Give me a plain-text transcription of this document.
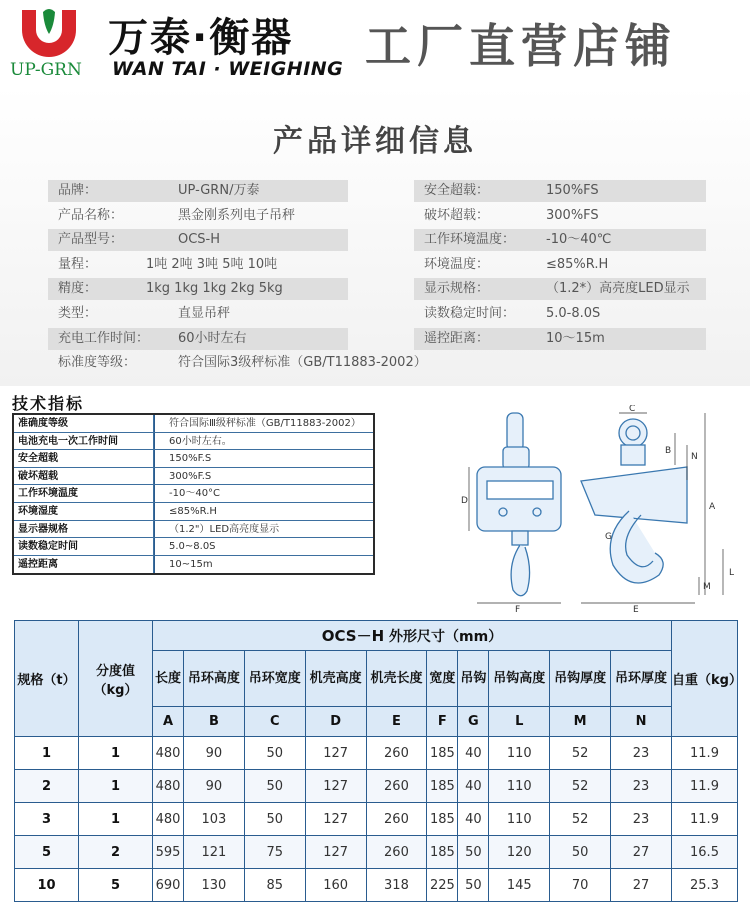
UP-GRN
万泰·衡器
WAN TAI · WEIGHING 工厂直营店铺
产品详细信息
品牌：	UP-GRN/万泰
产品名称：	黑金刚系列电子吊秤
产品型号：	OCS-H
量程：	1吨 2吨 3吨 5吨 10吨
精度：	1kg 1kg 1kg 2kg 5kg
类型：	直显吊秤
充电工作时间： 60小时左右
安全超载：	150%FS
破坏超载：	300%FS
工作环境温度： -10～40℃
环境温度：	≤85%R.H
显示规格：	（1.2*）高亮度LED显示
读数稳定时间： 5.0-8.0S
遥控距离：	10～15m
标准度等级：	符合国际3级秤标准（GB/T11883-2002）
技术指标
准确度等级	符合国际Ⅲ级秤标准（GB/T11883-2002）
电池充电一次工作时间	60小时左右。
安全超载	150%F.S
破坏超载	300%F.S
工作环境温度	-10～40°C
环境湿度	≤85%R.H
显示器规格	（1.2"）LED高亮度显示
读数稳定时间	5.0~8.0S
遥控距离	10~15m
D
F	E
A
B
C
N
G
L
M
规格（t）	分度值（kg）	OCS－H 外形尺寸（mm）										自重（kg）
		长度	吊环高度	吊环宽度	机壳高度	机壳长度	宽度	吊钩	吊钩高度	吊钩厚度	吊环厚度	
		A	B	C	D	E	F	G	L	M	N	
1	1	480	90	50	127	260	185	40	110	52	23	11.9
2	1	480	90	50	127	260	185	40	110	52	23	11.9
3	1	480	103	50	127	260	185	40	110	52	23	11.9
5	2	595	121	75	127	260	185	50	120	50	27	16.5
10	5	690	130	85	160	318	225	50	145	70	27	25.3
